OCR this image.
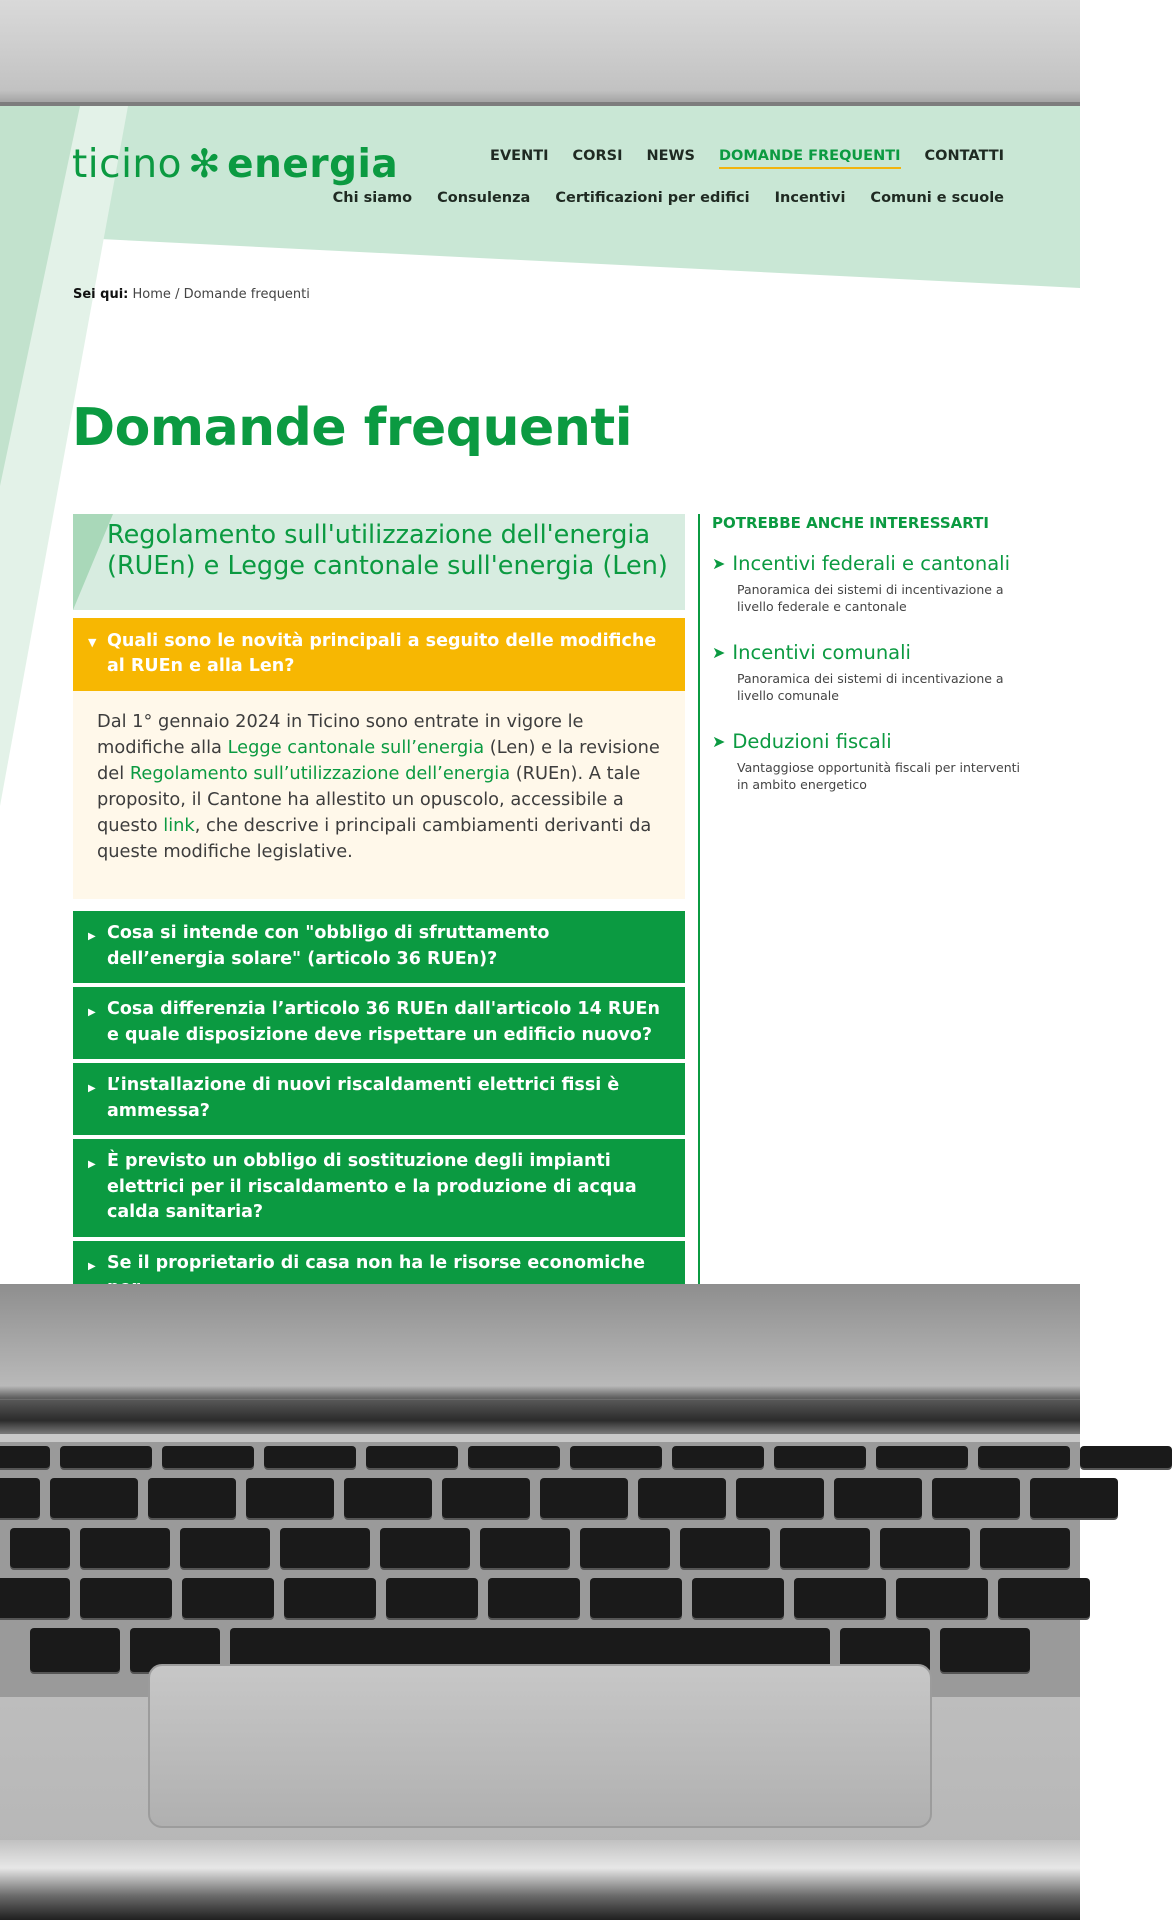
ticino ✻ energia	EVENTI CORSI NEWS DOMANDE FREQUENTI CONTATTI
Chi siamo Consulenza Certificazioni per edifici Incentivi Comuni e scuole
Sei qui: Home / Domande frequenti
Domande frequenti
Regolamento sull'utilizzazione dell'energia (RUEn) e Legge cantonale sull'energia (Len)
▼ Quali sono le novità principali a seguito delle modifiche al RUEn e alla Len?
Dal 1° gennaio 2024 in Ticino sono entrate in vigore le modifiche alla Legge cantonale sull’energia (Len) e la revisione del Regolamento sull’utilizzazione dell’energia (RUEn). A tale proposito, il Cantone ha allestito un opuscolo, accessibile a questo link, che descrive i principali cambiamenti derivanti da queste modifiche legislative.
▶ Cosa si intende con "obbligo di sfruttamento dell’energia solare" (articolo 36 RUEn)?
▶ Cosa differenzia l’articolo 36 RUEn dall'articolo 14 RUEn e quale disposizione deve rispettare un edificio nuovo?
▶ L’installazione di nuovi riscaldamenti elettrici fissi è ammessa?
▶ È previsto un obbligo di sostituzione degli impianti elettrici per il riscaldamento e la produzione di acqua calda sanitaria?
▶ Se il proprietario di casa non ha le risorse economiche
POTREBBE ANCHE INTERESSARTI
➤ Incentivi federali e cantonali
Panoramica dei sistemi di incentivazione a livello federale e cantonale
➤ Incentivi comunali
Panoramica dei sistemi di incentivazione a livello comunale
➤ Deduzioni fiscali
Vantaggiose opportunità fiscali per interventi in ambito energetico
